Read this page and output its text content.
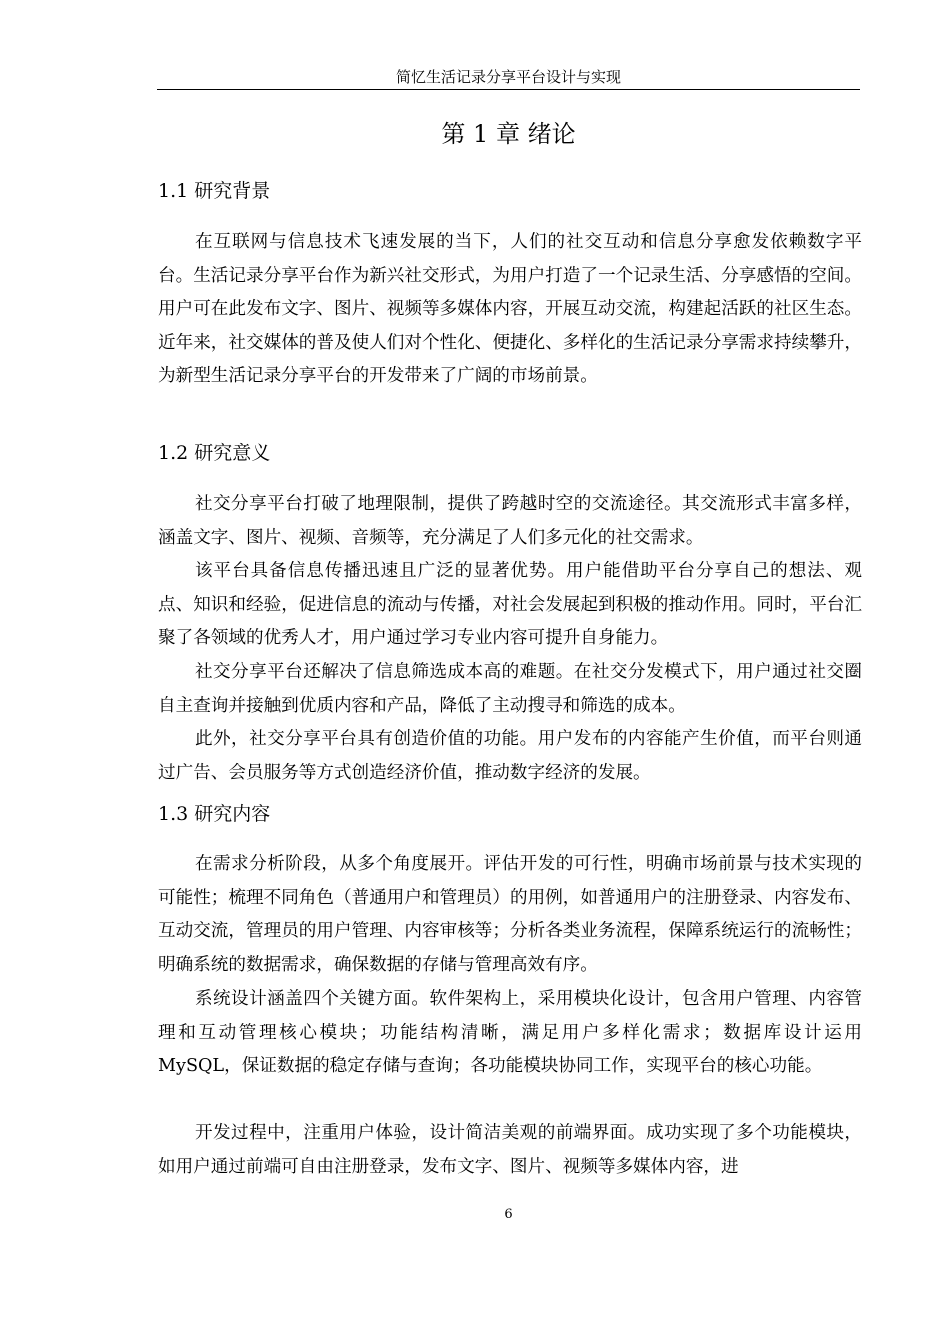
简忆生活记录分享平台设计与实现
第 1 章 绪论
1.1 研究背景

在互联网与信息技术飞速发展的当下，人们的社交互动和信息分享愈发依赖数字平台。生活记录分享平台作为新兴社交形式，为用户打造了一个记录生活、分享感悟的空间。用户可在此发布文字、图片、视频等多媒体内容，开展互动交流，构建起活跃的社区生态。近年来，社交媒体的普及使人们对个性化、便捷化、多样化的生活记录分享需求持续攀升，为新型生活记录分享平台的开发带来了广阔的市场前景。

1.2 研究意义

社交分享平台打破了地理限制，提供了跨越时空的交流途径。其交流形式丰富多样，涵盖文字、图片、视频、音频等，充分满足了人们多元化的社交需求。

该平台具备信息传播迅速且广泛的显著优势。用户能借助平台分享自己的想法、观点、知识和经验，促进信息的流动与传播，对社会发展起到积极的推动作用。同时，平台汇聚了各领域的优秀人才，用户通过学习专业内容可提升自身能力。

社交分享平台还解决了信息筛选成本高的难题。在社交分发模式下，用户通过社交圈自主查询并接触到优质内容和产品，降低了主动搜寻和筛选的成本。

此外，社交分享平台具有创造价值的功能。用户发布的内容能产生价值，而平台则通过广告、会员服务等方式创造经济价值，推动数字经济的发展。

1.3 研究内容

在需求分析阶段，从多个角度展开。评估开发的可行性，明确市场前景与技术实现的可能性；梳理不同角色（普通用户和管理员）的用例，如普通用户的注册登录、内容发布、互动交流，管理员的用户管理、内容审核等；分析各类业务流程，保障系统运行的流畅性；明确系统的数据需求，确保数据的存储与管理高效有序。

系统设计涵盖四个关键方面。软件架构上，采用模块化设计，包含用户管理、内容管理和互动管理核心模块；功能结构清晰，满足用户多样化需求；数据库设计运用 MySQL，保证数据的稳定存储与查询；各功能模块协同工作，实现平台的核心功能。

开发过程中，注重用户体验，设计简洁美观的前端界面。成功实现了多个功能模块，如用户通过前端可自由注册登录，发布文字、图片、视频等多媒体内容，进

6
